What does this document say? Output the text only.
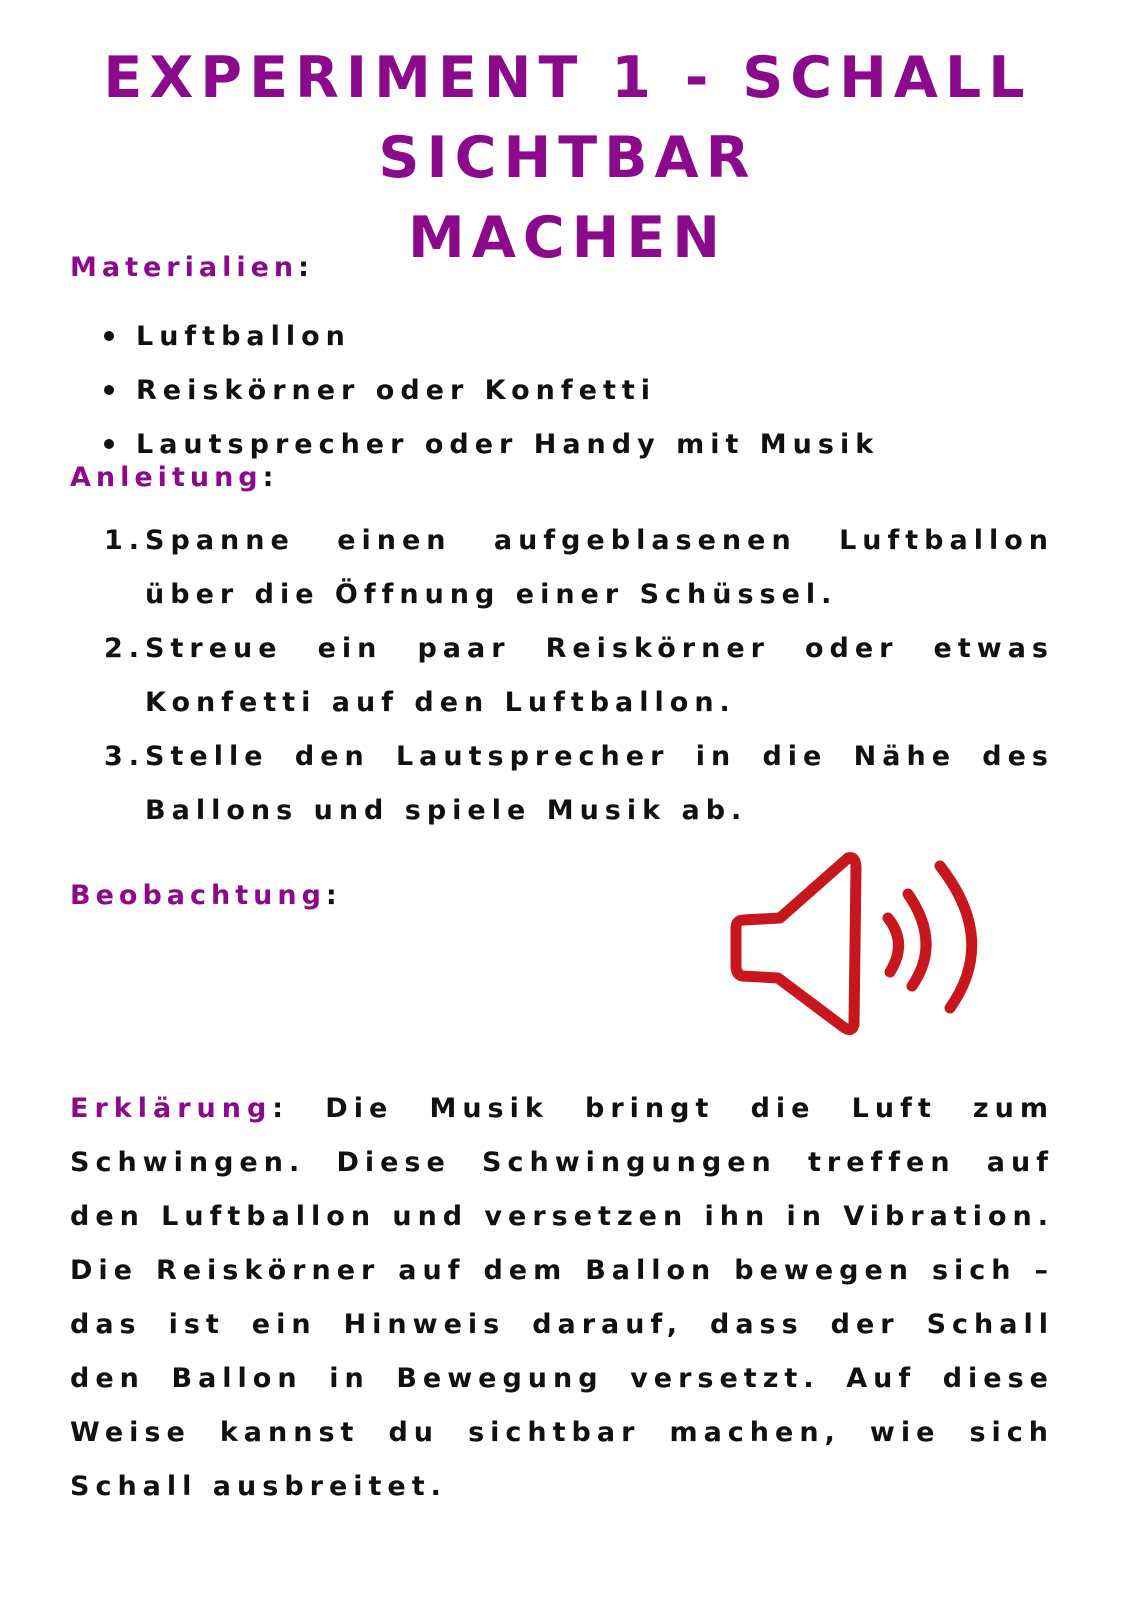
EXPERIMENT 1 - SCHALL SICHTBAR
MACHEN
Materialien:
Luftballon
Reiskörner oder Konfetti
Lautsprecher oder Handy mit Musik
Anleitung:
1. Spanne einen aufgeblasenen Luftballon über die Öffnung einer Schüssel.
2. Streue ein paar Reiskörner oder etwas Konfetti auf den Luftballon.
3. Stelle den Lautsprecher in die Nähe des Ballons und spiele Musik ab.
Beobachtung:
Erklärung: Die Musik bringt die Luft zum Schwingen. Diese Schwingungen treffen auf den Luftballon und versetzen ihn in Vibration. Die Reiskörner auf dem Ballon bewegen sich – das ist ein Hinweis darauf, dass der Schall den Ballon in Bewegung versetzt. Auf diese Weise kannst du sichtbar machen, wie sich Schall ausbreitet.
